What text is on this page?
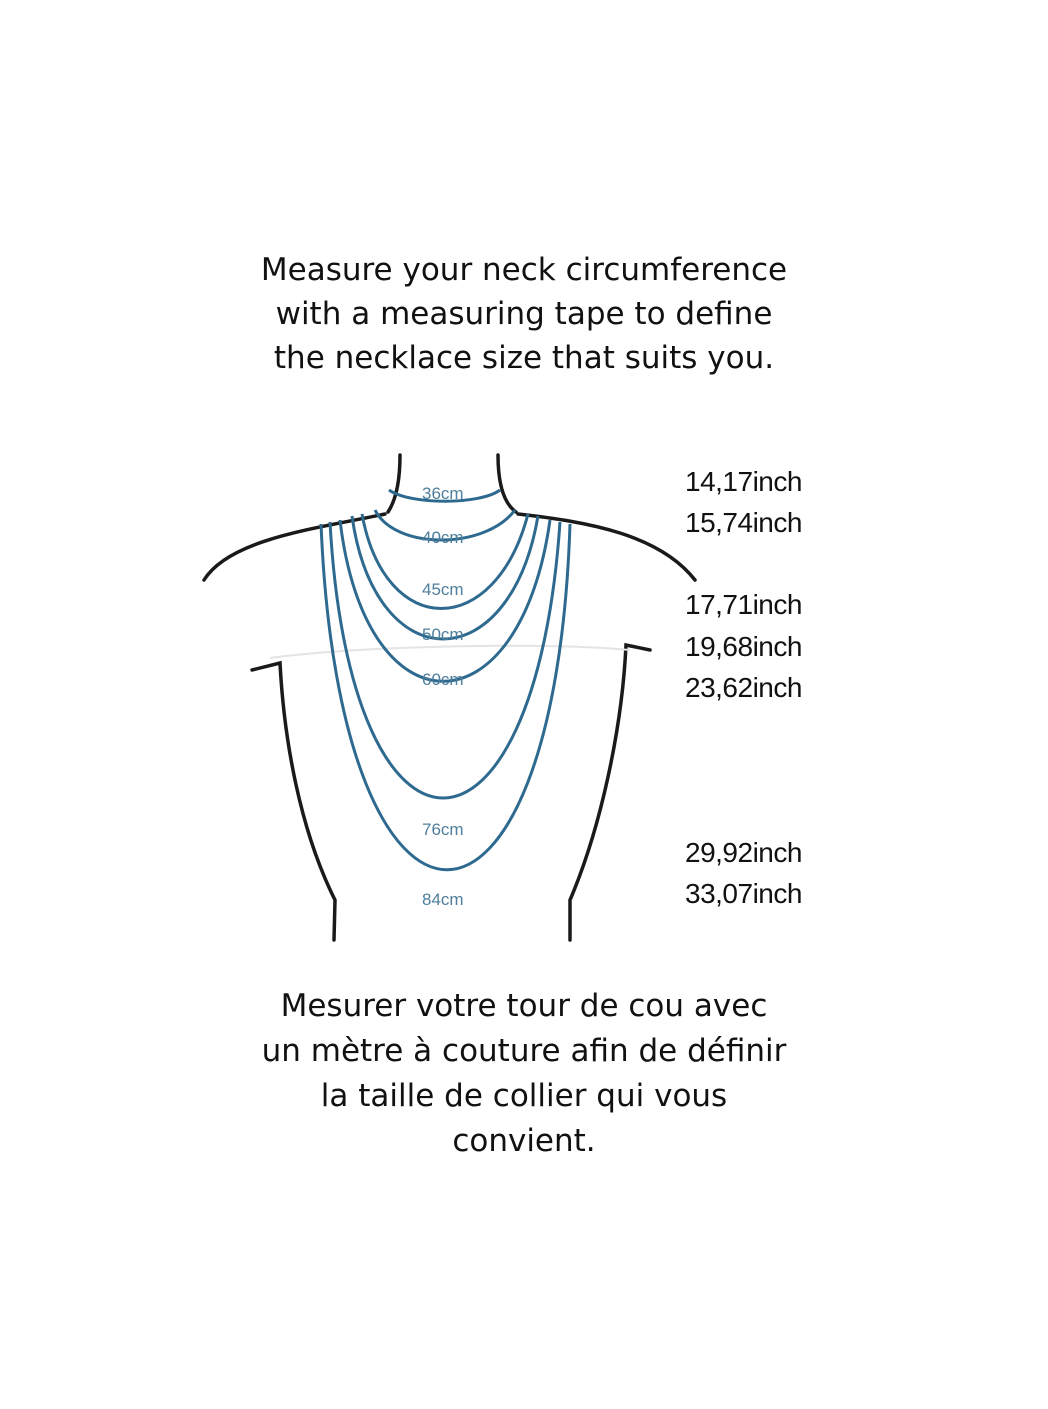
Measure your neck circumference
with a measuring tape to define
the necklace size that suits you.
36cm
40cm
45cm
50cm
60cm
76cm
84cm
14,17inch
15,74inch
17,71inch
19,68inch
23,62inch
29,92inch
33,07inch
Mesurer votre tour de cou avec
un mètre à couture afin de définir
la taille de collier qui vous
convient.
